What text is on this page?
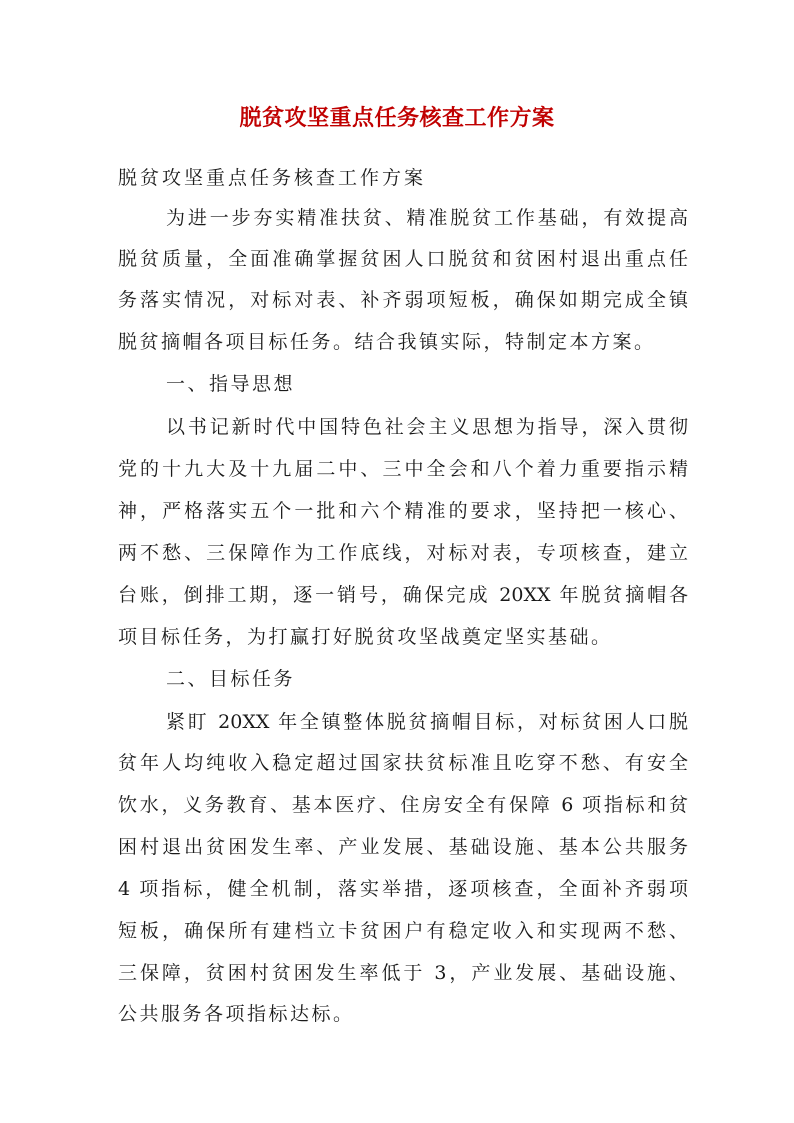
脱贫攻坚重点任务核查工作方案
脱贫攻坚重点任务核查工作方案
为进一步夯实精准扶贫、精准脱贫工作基础，有效提高
脱贫质量，全面准确掌握贫困人口脱贫和贫困村退出重点任
务落实情况，对标对表、补齐弱项短板，确保如期完成全镇
脱贫摘帽各项目标任务。结合我镇实际，特制定本方案。
一、指导思想
以书记新时代中国特色社会主义思想为指导，深入贯彻
党的十九大及十九届二中、三中全会和八个着力重要指示精
神，严格落实五个一批和六个精准的要求，坚持把一核心、
两不愁、三保障作为工作底线，对标对表，专项核查，建立
台账，倒排工期，逐一销号，确保完成 20XX 年脱贫摘帽各
项目标任务，为打赢打好脱贫攻坚战奠定坚实基础。
二、目标任务
紧盯 20XX 年全镇整体脱贫摘帽目标，对标贫困人口脱
贫年人均纯收入稳定超过国家扶贫标准且吃穿不愁、有安全
饮水，义务教育、基本医疗、住房安全有保障 6 项指标和贫
困村退出贫困发生率、产业发展、基础设施、基本公共服务
4 项指标，健全机制，落实举措，逐项核查，全面补齐弱项
短板，确保所有建档立卡贫困户有稳定收入和实现两不愁、
三保障，贫困村贫困发生率低于 3，产业发展、基础设施、
公共服务各项指标达标。
